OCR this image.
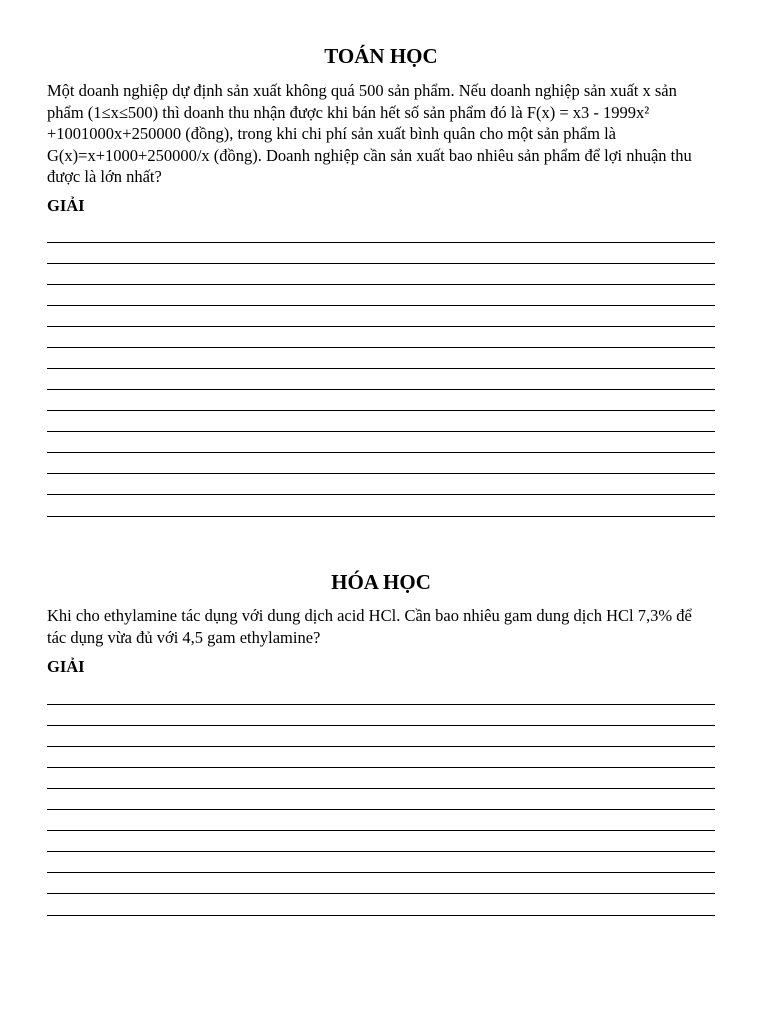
TOÁN HỌC

Một doanh nghiệp dự định sản xuất không quá 500 sản phẩm. Nếu doanh nghiệp sản xuất x sản phẩm (1≤x≤500) thì doanh thu nhận được khi bán hết số sản phẩm đó là F(x) = x3 - 1999x² +1001000x+250000 (đồng), trong khi chi phí sản xuất bình quân cho một sản phẩm là G(x)=x+1000+250000/x (đồng). Doanh nghiệp cần sản xuất bao nhiêu sản phẩm để lợi nhuận thu được là lớn nhất?

GIẢI

HÓA HỌC

Khi cho ethylamine tác dụng với dung dịch acid HCl. Cần bao nhiêu gam dung dịch HCl 7,3% để tác dụng vừa đủ với 4,5 gam ethylamine?

GIẢI
